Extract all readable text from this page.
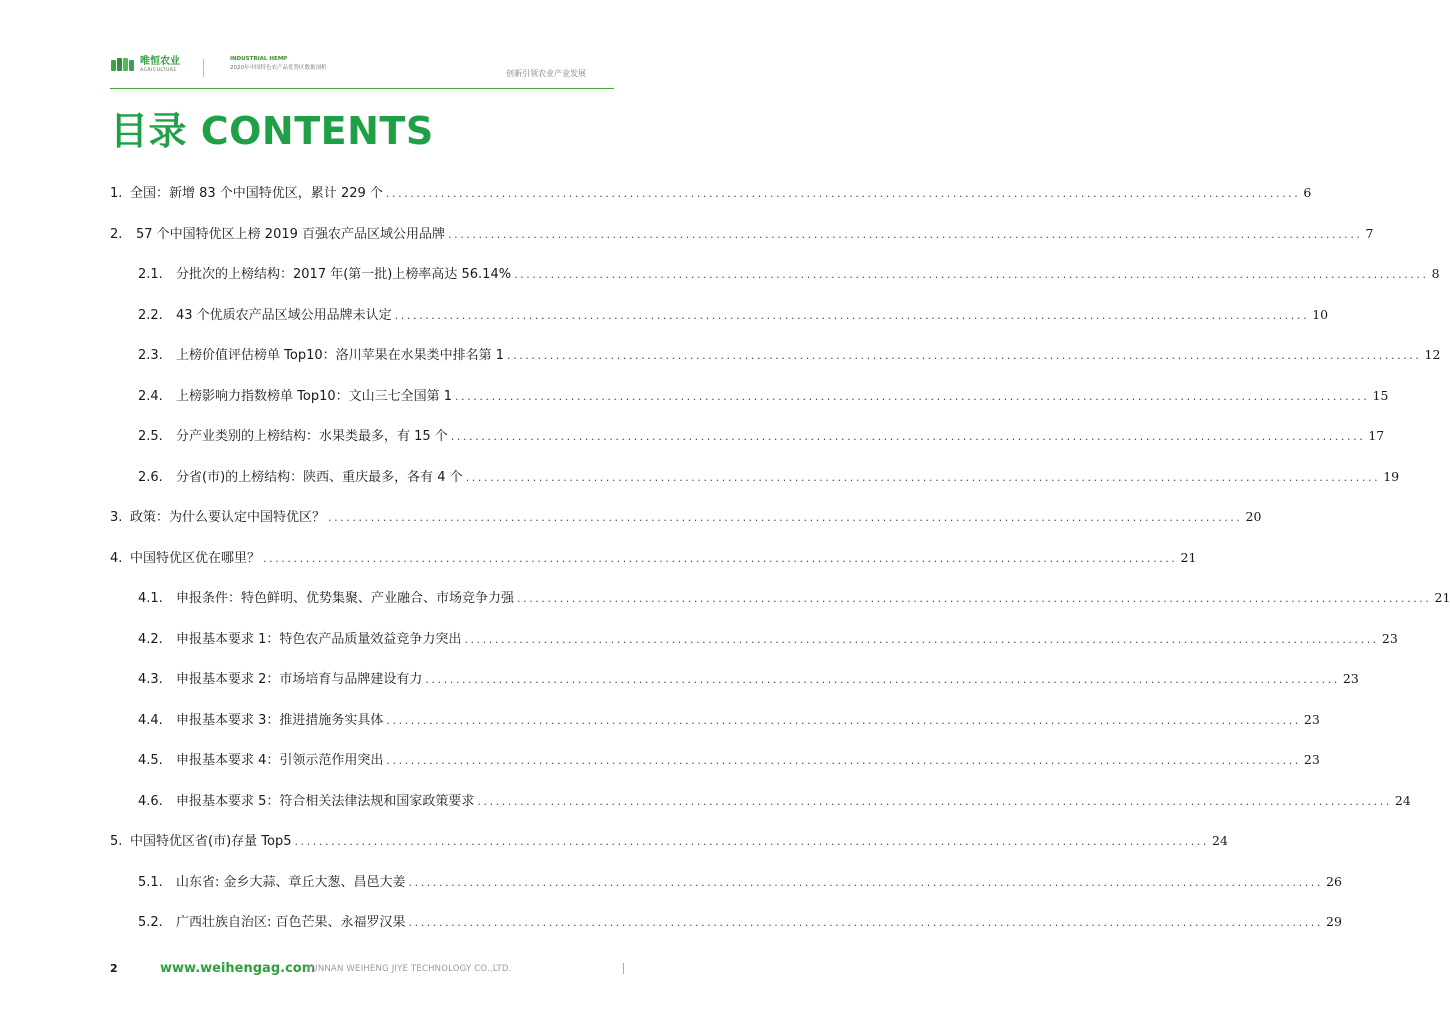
唯恒农业
AGRICULTURE
INDUSTRIAL HEMP
2020年中国特色农产品优势区数据剖析
创新引领农业产业发展
目录 CONTENTS
1. 全国：新增 83 个中国特优区，累计 229 个 .....	6
2.	57 个中国特优区上榜 2019 百强农产品区域公用品牌 .....	7
2.1.	分批次的上榜结构：2017 年(第一批)上榜率高达 56.14% .....	8
2.2.	43 个优质农产品区域公用品牌未认定 .....	10
2.3.	上榜价值评估榜单 Top10：洛川苹果在水果类中排名第 1 .....	12
2.4.	上榜影响力指数榜单 Top10：文山三七全国第 1 .....	15
2.5.	分产业类别的上榜结构：水果类最多，有 15 个 .....	17
2.6.	分省(市)的上榜结构：陕西、重庆最多，各有 4 个 .....	19
3. 政策：为什么要认定中国特优区？ .....	20
4. 中国特优区优在哪里？ .....	21
4.1.	申报条件：特色鲜明、优势集聚、产业融合、市场竞争力强 .....	21
4.2.	申报基本要求 1：特色农产品质量效益竞争力突出 .....	23
4.3.	申报基本要求 2：市场培育与品牌建设有力 .....	23
4.4.	申报基本要求 3：推进措施务实具体 .....	23
4.5.	申报基本要求 4：引领示范作用突出 .....	23
4.6.	申报基本要求 5：符合相关法律法规和国家政策要求 .....	24
5. 中国特优区省(市)存量 Top5 .....	24
5.1.	山东省: 金乡大蒜、章丘大葱、昌邑大姜 .....	26
5.2.	广西壮族自治区: 百色芒果、永福罗汉果 .....	29
2	www.weihengag.com
YUNNAN WEIHENG JIYE TECHNOLOGY CO.,LTD.
